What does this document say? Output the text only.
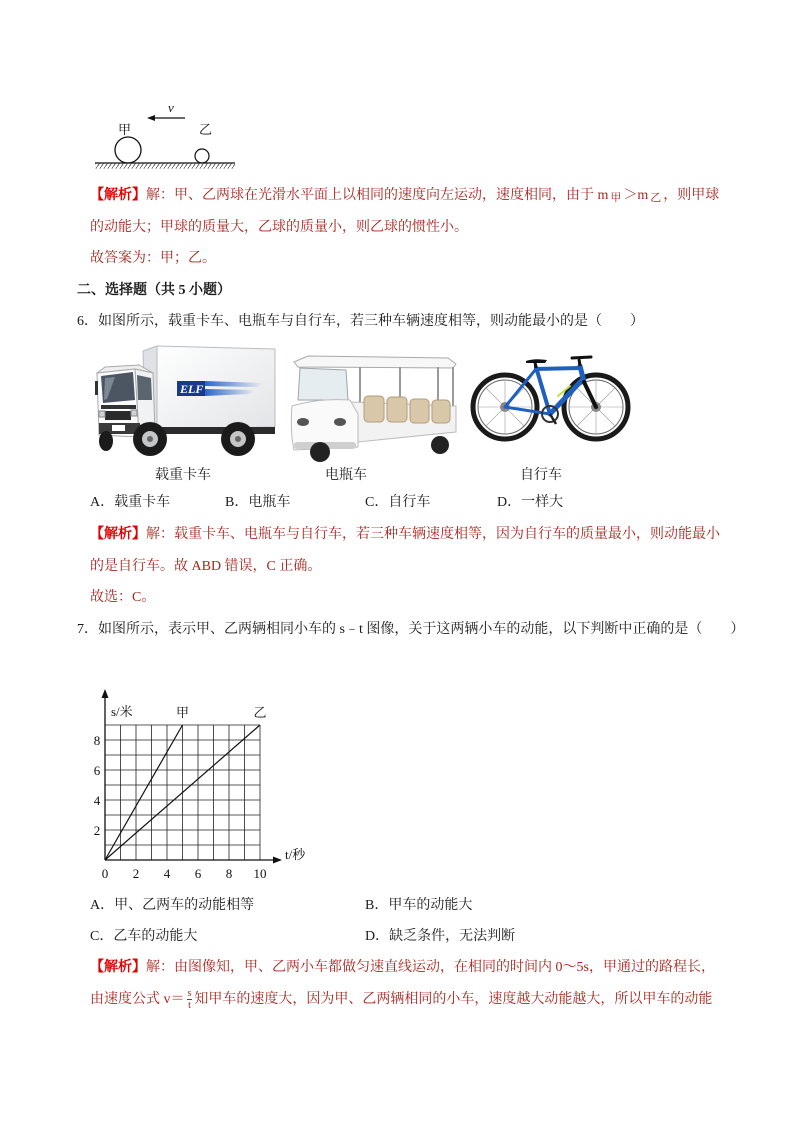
v
甲	乙
【解析】解：甲、乙两球在光滑水平面上以相同的速度向左运动，速度相同，由于 m 甲 ＞m 乙 ，则甲球
的动能大；甲球的质量大，乙球的质量小，则乙球的惯性小。
故答案为：甲；乙。
二、选择题（共 5 小题）
6．如图所示，载重卡车、电瓶车与自行车，若三种车辆速度相等，则动能最小的是（　　）
ELF
载重卡车	电瓶车	自行车
A．载重卡车	B．电瓶车	C．自行车	D．一样大
【解析】解：载重卡车、电瓶车与自行车，若三种车辆速度相等，因为自行车的质量最小，则动能最小
的是自行车。故 ABD 错误，C 正确。
故选：C。
7．如图所示，表示甲、乙两辆相同小车的 s﹣t 图像，关于这两辆小车的动能，以下判断中正确的是（　　）
甲	乙
0 2 4 6 8 10
2
4
6
8
s/米
t/秒
A．甲、乙两车的动能相等	B．甲车的动能大
C．乙车的动能大	D．缺乏条件，无法判断
【解析】解：由图像知，甲、乙两小车都做匀速直线运动，在相同的时间内 0～5s，甲通过的路程长，
由速度公式 $v= \frac{s}{t}$ 知甲车的速度大，因为甲、乙两辆相同的小车，速度越大动能越大，所以甲车的动能
